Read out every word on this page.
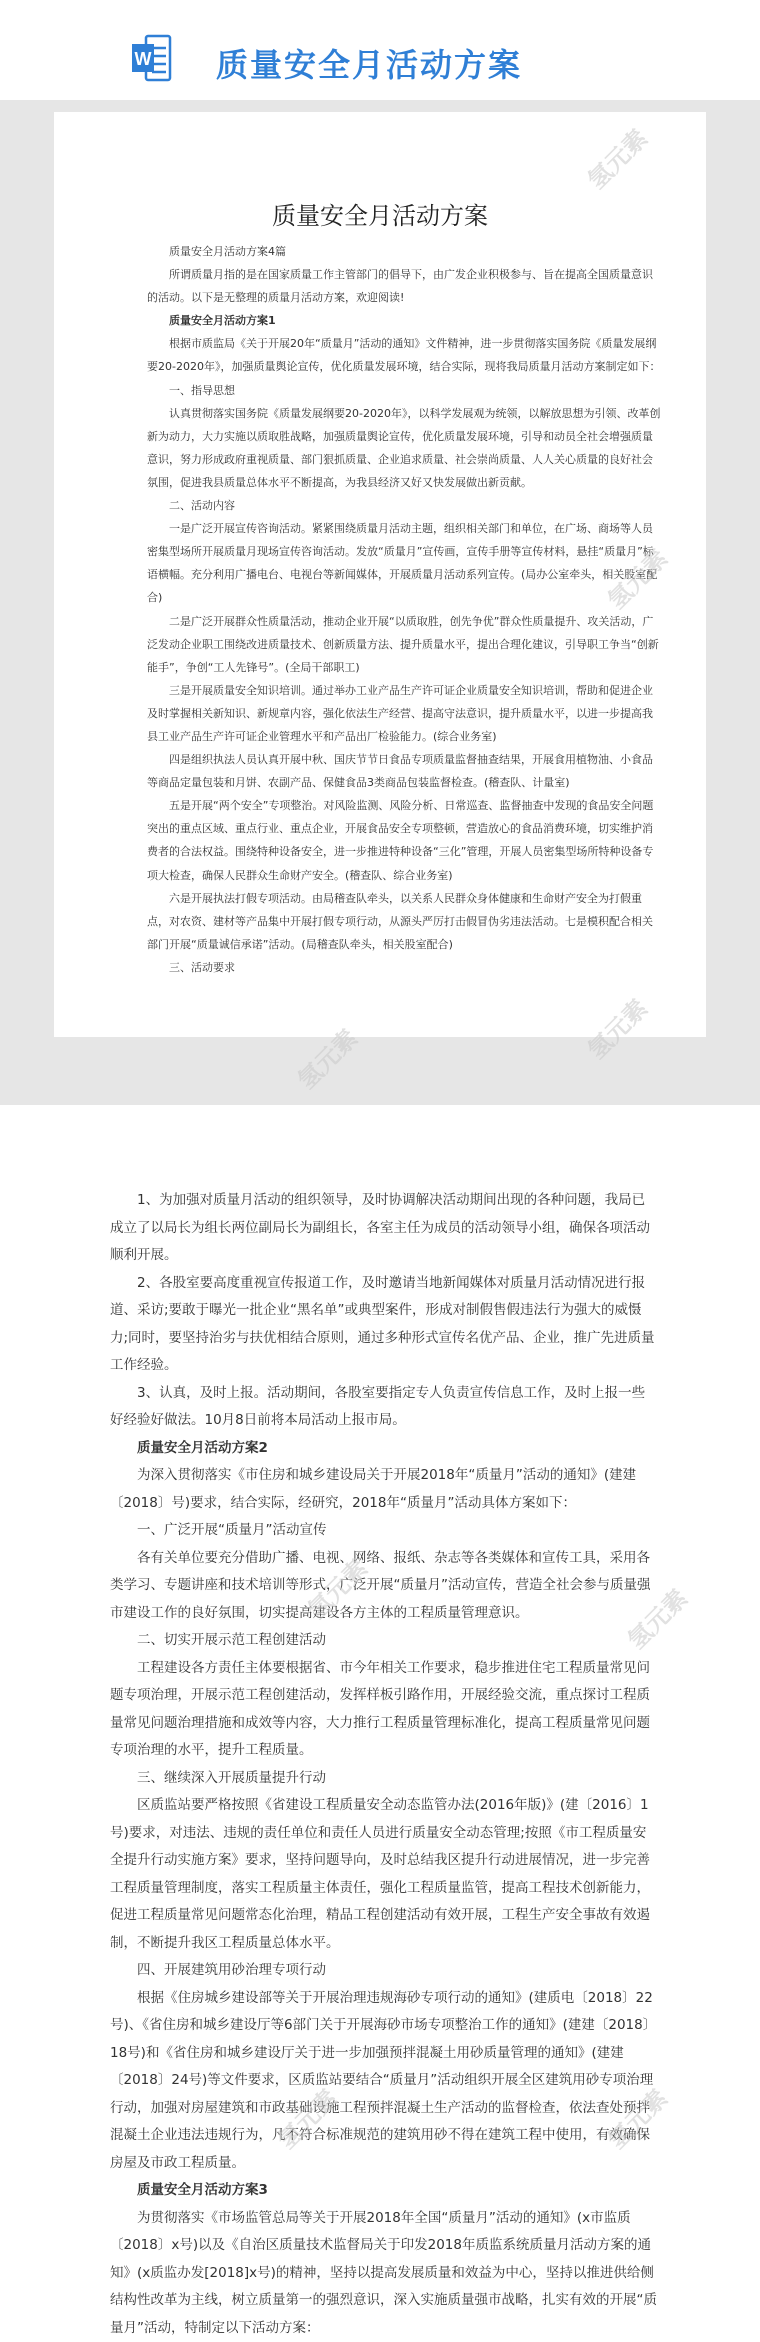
W 质量安全月活动方案
质量安全月活动方案

质量安全月活动方案4篇

所谓质量月指的是在国家质量工作主管部门的倡导下，由广发企业积极参与、旨在提高全国质量意识的活动。以下是无整理的质量月活动方案，欢迎阅读!

质量安全月活动方案1

根据市质监局《关于开展20年“质量月”活动的通知》文件精神，进一步贯彻落实国务院《质量发展纲要20-2020年》，加强质量舆论宣传，优化质量发展环境，结合实际，现将我局质量月活动方案制定如下：

一、指导思想

认真贯彻落实国务院《质量发展纲要20-2020年》，以科学发展观为统领，以解放思想为引领、改革创新为动力，大力实施以质取胜战略，加强质量舆论宣传，优化质量发展环境，引导和动员全社会增强质量意识，努力形成政府重视质量、部门狠抓质量、企业追求质量、社会崇尚质量、人人关心质量的良好社会氛围，促进我县质量总体水平不断提高，为我县经济又好又快发展做出新贡献。

二、活动内容

一是广泛开展宣传咨询活动。紧紧围绕质量月活动主题，组织相关部门和单位，在广场、商场等人员密集型场所开展质量月现场宣传咨询活动。发放“质量月”宣传画，宣传手册等宣传材料，悬挂“质量月”标语横幅。充分利用广播电台、电视台等新闻媒体，开展质量月活动系列宣传。(局办公室牵头，相关股室配合)

二是广泛开展群众性质量活动，推动企业开展“以质取胜，创先争优”群众性质量提升、攻关活动，广泛发动企业职工围绕改进质量技术、创新质量方法、提升质量水平，提出合理化建议，引导职工争当“创新能手”，争创“工人先锋号”。(全局干部职工)

三是开展质量安全知识培训。通过举办工业产品生产许可证企业质量安全知识培训，帮助和促进企业及时掌握相关新知识、新规章内容，强化依法生产经营、提高守法意识，提升质量水平，以进一步提高我县工业产品生产许可证企业管理水平和产品出厂检验能力。(综合业务室)

四是组织执法人员认真开展中秋、国庆节节日食品专项质量监督抽查结果，开展食用植物油、小食品等商品定量包装和月饼、农副产品、保健食品3类商品包装监督检查。(稽查队、计量室)

五是开展“两个安全”专项整治。对风险监测、风险分析、日常巡查、监督抽查中发现的食品安全问题突出的重点区域、重点行业、重点企业，开展食品安全专项整顿，营造放心的食品消费环境，切实维护消费者的合法权益。围绕特种设备安全，进一步推进特种设备“三化”管理，开展人员密集型场所特种设备专项大检查，确保人民群众生命财产安全。(稽查队、综合业务室)

六是开展执法打假专项活动。由局稽查队牵头，以关系人民群众身体健康和生命财产安全为打假重点，对农资、建材等产品集中开展打假专项行动，从源头严厉打击假冒伪劣违法活动。七是模积配合相关部门开展“质量诚信承诺”活动。(局稽查队牵头，相关股室配合)

三、活动要求

1、为加强对质量月活动的组织领导，及时协调解决活动期间出现的各种问题，我局已成立了以局长为组长两位副局长为副组长，各室主任为成员的活动领导小组，确保各项活动顺利开展。

2、各股室要高度重视宣传报道工作，及时邀请当地新闻媒体对质量月活动情况进行报道、采访;要敢于曝光一批企业“黑名单”或典型案件，形成对制假售假违法行为强大的威慑力;同时，要坚持治劣与扶优相结合原则，通过多种形式宣传名优产品、企业，推广先进质量工作经验。

3、认真，及时上报。活动期间，各股室要指定专人负责宣传信息工作，及时上报一些好经验好做法。10月8日前将本局活动上报市局。

质量安全月活动方案2

为深入贯彻落实《市住房和城乡建设局关于开展2018年“质量月”活动的通知》(建建〔2018〕号)要求，结合实际，经研究，2018年“质量月”活动具体方案如下：

一、广泛开展“质量月”活动宣传

各有关单位要充分借助广播、电视、网络、报纸、杂志等各类媒体和宣传工具，采用各类学习、专题讲座和技术培训等形式，广泛开展“质量月”活动宣传，营造全社会参与质量强市建设工作的良好氛围，切实提高建设各方主体的工程质量管理意识。

二、切实开展示范工程创建活动

工程建设各方责任主体要根据省、市今年相关工作要求，稳步推进住宅工程质量常见问题专项治理，开展示范工程创建活动，发挥样板引路作用，开展经验交流，重点探讨工程质量常见问题治理措施和成效等内容，大力推行工程质量管理标准化，提高工程质量常见问题专项治理的水平，提升工程质量。

三、继续深入开展质量提升行动

区质监站要严格按照《省建设工程质量安全动态监管办法(2016年版)》(建〔2016〕1号)要求，对违法、违规的责任单位和责任人员进行质量安全动态管理;按照《市工程质量安全提升行动实施方案》要求，坚持问题导向，及时总结我区提升行动进展情况，进一步完善工程质量管理制度，落实工程质量主体责任，强化工程质量监管，提高工程技术创新能力，促进工程质量常见问题常态化治理，精品工程创建活动有效开展，工程生产安全事故有效遏制，不断提升我区工程质量总体水平。

四、开展建筑用砂治理专项行动

根据《住房城乡建设部等关于开展治理违规海砂专项行动的通知》(建质电〔2018〕22号)、《省住房和城乡建设厅等6部门关于开展海砂市场专项整治工作的通知》(建建〔2018〕18号)和《省住房和城乡建设厅关于进一步加强预拌混凝土用砂质量管理的通知》(建建〔2018〕24号)等文件要求，区质监站要结合“质量月”活动组织开展全区建筑用砂专项治理行动，加强对房屋建筑和市政基础设施工程预拌混凝土生产活动的监督检查，依法查处预拌混凝土企业违法违规行为，凡不符合标准规范的建筑用砂不得在建筑工程中使用，有效确保房屋及市政工程质量。

质量安全月活动方案3

为贯彻落实《市场监管总局等关于开展2018年全国“质量月”活动的通知》(x市监质〔2018〕x号)以及《自治区质量技术监督局关于印发2018年质监系统质量月活动方案的通知》(x质监办发[2018]x号)的精神，坚持以提高发展质量和效益为中心，坚持以推进供给侧结构性改革为主线，树立质量第一的强烈意识，深入实施质量强市战略，扎实有效的开展“质量月”活动，特制定以下活动方案：

氢元素
氢元素
氢元素	氢元素
氢元素	氢元素
氢元素	氢元素
